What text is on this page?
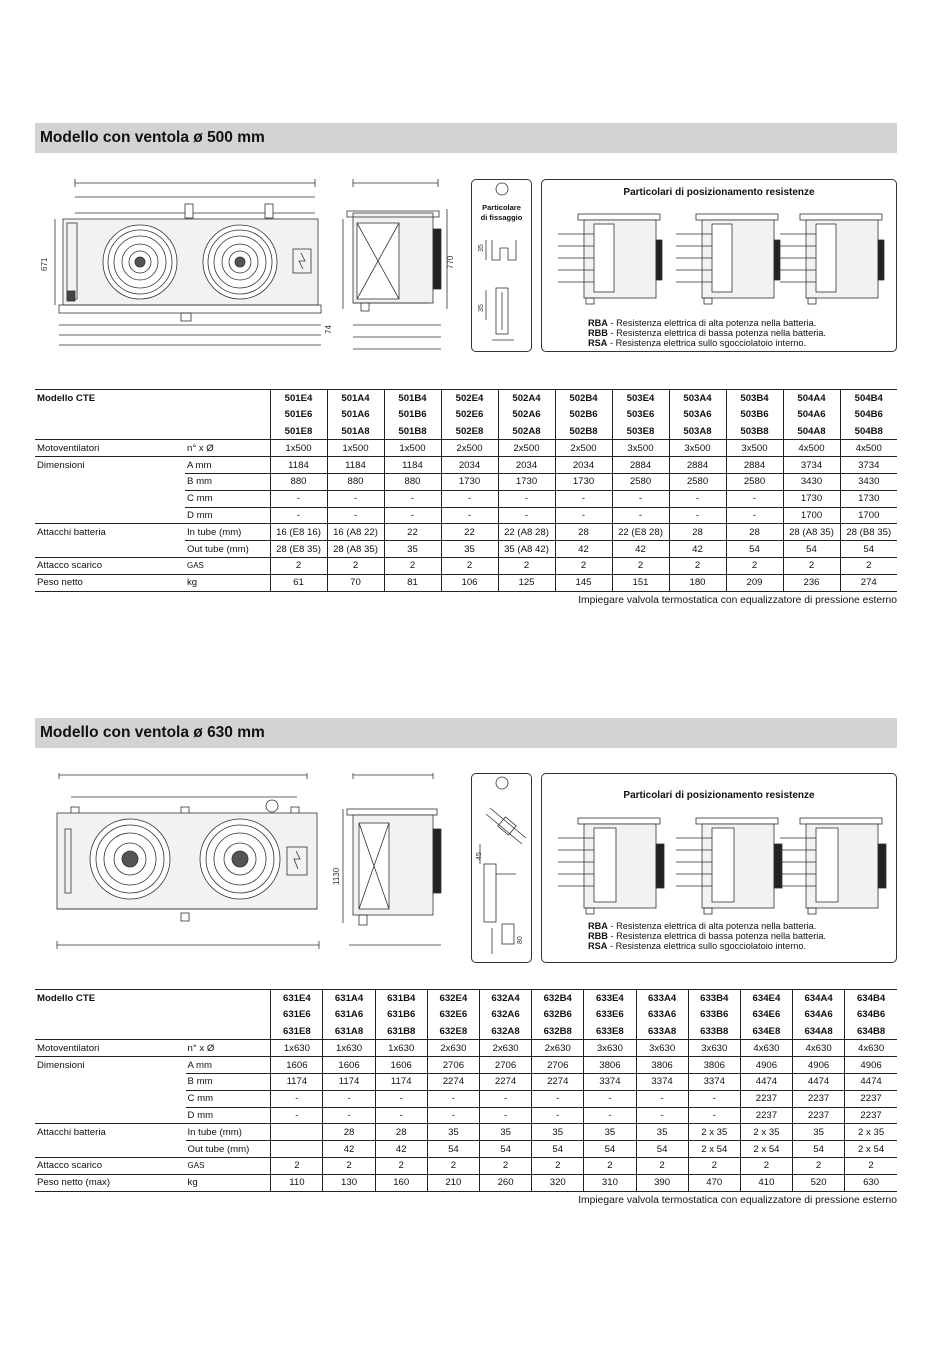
Modello con ventola ø 500 mm
671	770
74
35
35
Particolare
di fissaggio
Particolari di posizionamento resistenze
RBA - Resistenza elettrica di alta potenza nella batteria.
RBB - Resistenza elettrica di bassa potenza nella batteria.
RSA - Resistenza elettrica sullo sgocciolatoio interno.
Modello CTE		501E4	501A4	501B4	502E4	502A4	502B4	503E4	503A4	503B4	504A4	504B4
		501E6	501A6	501B6	502E6	502A6	502B6	503E6	503A6	503B6	504A6	504B6
		501E8	501A8	501B8	502E8	502A8	502B8	503E8	503A8	503B8	504A8	504B8
Motoventilatori	n° x Ø	1x500	1x500	1x500	2x500	2x500	2x500	3x500	3x500	3x500	4x500	4x500
Dimensioni	A mm	1184	1184	1184	2034	2034	2034	2884	2884	2884	3734	3734
	B mm	880	880	880	1730	1730	1730	2580	2580	2580	3430	3430
	C mm	-	-	-	-	-	-	-	-	-	1730	1730
	D mm	-	-	-	-	-	-	-	-	-	1700	1700
Attacchi batteria	In tube (mm)	16 (E8 16)	16 (A8 22)	22	22	22 (A8 28)	28	22 (E8 28)	28	28	28 (A8 35)	28 (B8 35)
	Out tube (mm)	28 (E8 35)	28 (A8 35)	35	35	35 (A8 42)	42	42	42	54	54	54
Attacco scarico	GAS	2	2	2	2	2	2	2	2	2	2	2
Peso netto	kg	61	70	81	106	125	145	151	180	209	236	274
Impiegare valvola termostatica con equalizzatore di pressione esterno
Modello con ventola ø 630 mm
1130
45
80
Particolari di posizionamento resistenze
RBA - Resistenza elettrica di alta potenza nella batteria.
RBB - Resistenza elettrica di bassa potenza nella batteria.
RSA - Resistenza elettrica sullo sgocciolatoio interno.
Modello CTE		631E4	631A4	631B4	632E4	632A4	632B4	633E4	633A4	633B4	634E4	634A4	634B4
		631E6	631A6	631B6	632E6	632A6	632B6	633E6	633A6	633B6	634E6	634A6	634B6
		631E8	631A8	631B8	632E8	632A8	632B8	633E8	633A8	633B8	634E8	634A8	634B8
Motoventilatori	n° x Ø	1x630	1x630	1x630	2x630	2x630	2x630	3x630	3x630	3x630	4x630	4x630	4x630
Dimensioni	A mm	1606	1606	1606	2706	2706	2706	3806	3806	3806	4906	4906	4906
	B mm	1174	1174	1174	2274	2274	2274	3374	3374	3374	4474	4474	4474
	C mm	-	-	-	-	-	-	-	-	-	2237	2237	2237
	D mm	-	-	-	-	-	-	-	-	-	2237	2237	2237
Attacchi batteria	In tube (mm)		28	28	35	35	35	35	35	2 x 35	2 x 35	35	2 x 35
	Out tube (mm)		42	42	54	54	54	54	54	2 x 54	2 x 54	54	2 x 54
Attacco scarico	GAS	2	2	2	2	2	2	2	2	2	2	2	2
Peso netto (max)	kg	110	130	160	210	260	320	310	390	470	410	520	630
Impiegare valvola termostatica con equalizzatore di pressione esterno
